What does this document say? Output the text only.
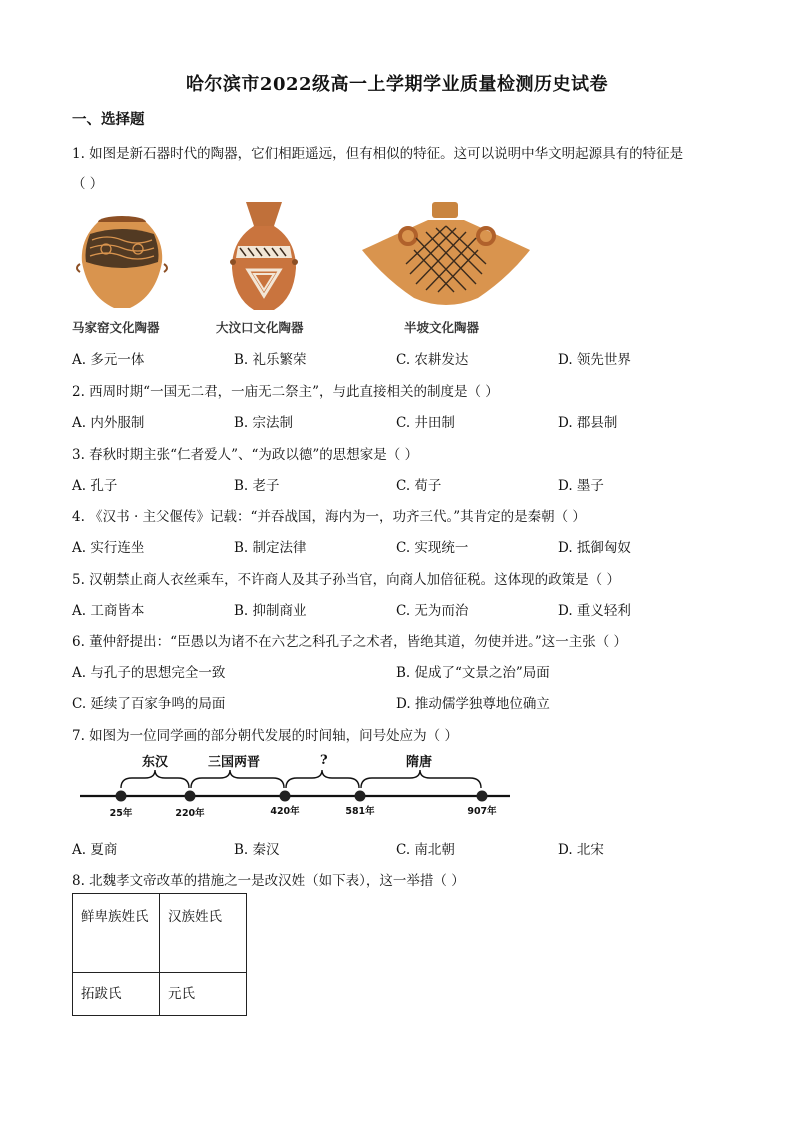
哈尔滨市2022级高一上学期学业质量检测历史试卷
一、选择题
1. 如图是新石器时代的陶器，它们相距遥远，但有相似的特征。这可以说明中华文明起源具有的特征是
（ ）
马家窑文化陶器	大汶口文化陶器	半坡文化陶器
A. 多元一体	B. 礼乐繁荣	C. 农耕发达	D. 领先世界
2. 西周时期“一国无二君，一庙无二祭主”，与此直接相关的制度是（ ）
A. 内外服制	B. 宗法制	C. 井田制	D. 郡县制
3. 春秋时期主张“仁者爱人”、“为政以德”的思想家是（ ）
A. 孔子	B. 老子	C. 荀子	D. 墨子
4. 《汉书 · 主父偃传》记载：“并吞战国，海内为一，功齐三代。”其肯定的是秦朝（ ）
A. 实行连坐	B. 制定法律	C. 实现统一	D. 抵御匈奴
5. 汉朝禁止商人衣丝乘车，不许商人及其子孙当官，向商人加倍征税。这体现的政策是（ ）
A. 工商皆本	B. 抑制商业	C. 无为而治	D. 重义轻利
6. 董仲舒提出：“臣愚以为诸不在六艺之科孔子之术者，皆绝其道，勿使并进。”这一主张（ ）
A. 与孔子的思想完全一致	B. 促成了“文景之治”局面
C. 延续了百家争鸣的局面	D. 推动儒学独尊地位确立
7. 如图为一位同学画的部分朝代发展的时间轴，问号处应为（ ）
东汉	三国两晋	?	隋唐
25年	220年	420年	581年	907年
A. 夏商	B. 秦汉	C. 南北朝	D. 北宋
8. 北魏孝文帝改革的措施之一是改汉姓（如下表），这一举措（ ）
鲜卑族姓氏	汉族姓氏
拓跋氏	元氏
